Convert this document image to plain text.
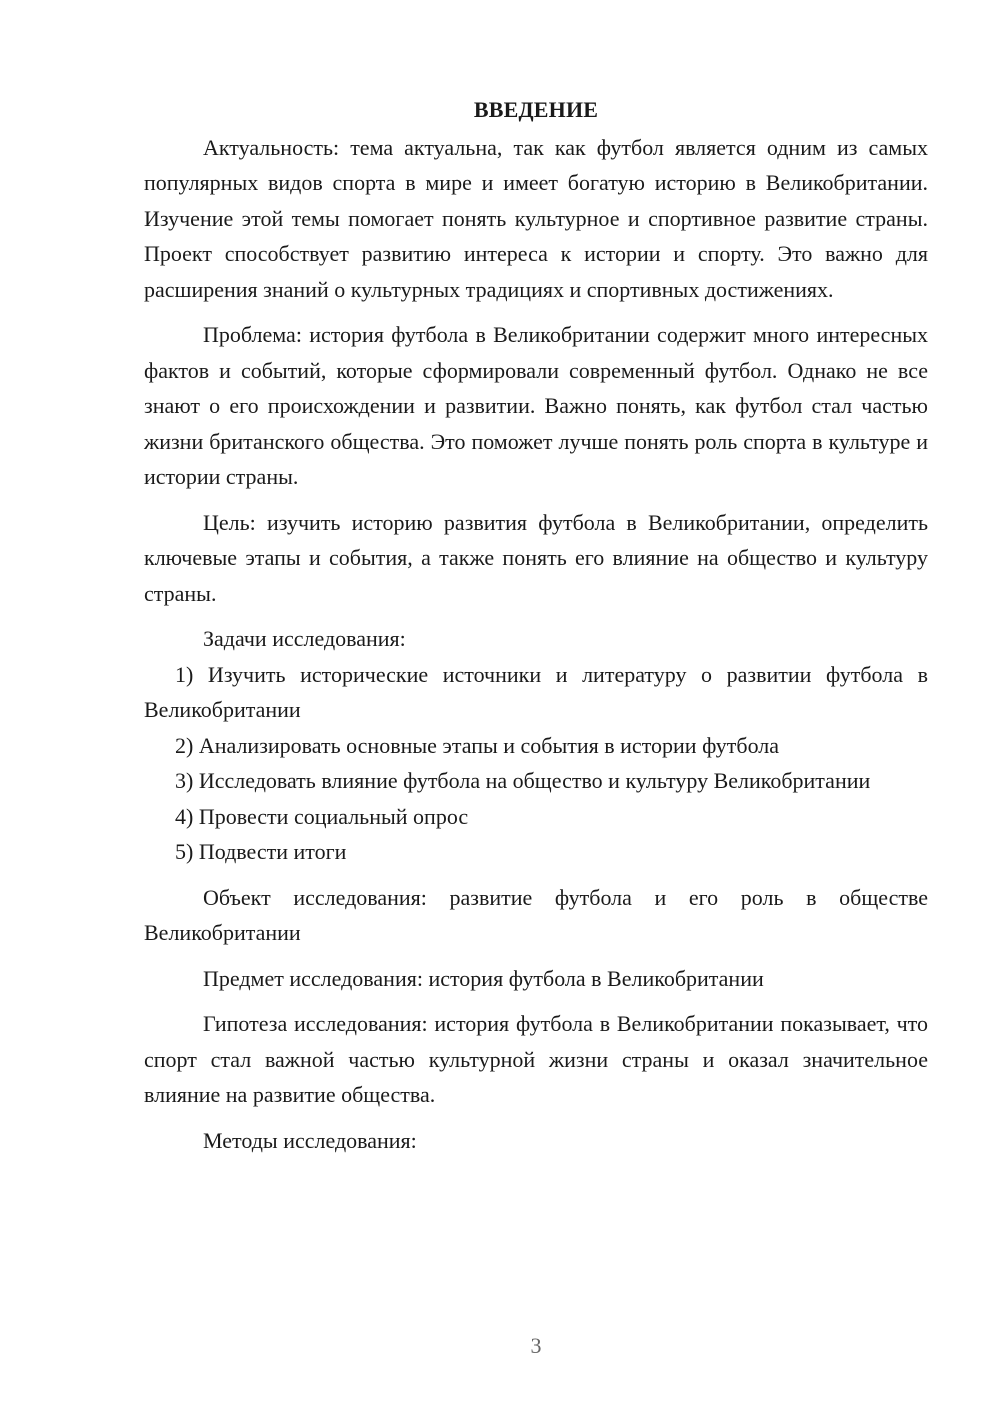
ВВЕДЕНИЕ

Актуальность: тема актуальна, так как футбол является одним из самых популярных видов спорта в мире и имеет богатую историю в Великобритании. Изучение этой темы помогает понять культурное и спортивное развитие страны. Проект способствует развитию интереса к истории и спорту. Это важно для расширения знаний о культурных традициях и спортивных достижениях.

Проблема: история футбола в Великобритании содержит много интересных фактов и событий, которые сформировали современный футбол. Однако не все знают о его происхождении и развитии. Важно понять, как футбол стал частью жизни британского общества. Это поможет лучше понять роль спорта в культуре и истории страны.

Цель: изучить историю развития футбола в Великобритании, определить ключевые этапы и события, а также понять его влияние на общество и культуру страны.

Задачи исследования:

1) Изучить исторические источники и литературу о развитии футбола в Великобритании

2) Анализировать основные этапы и события в истории футбола

3) Исследовать влияние футбола на общество и культуру Великобритании

4) Провести социальный опрос

5) Подвести итоги

Объект исследования: развитие футбола и его роль в обществе Великобритании

Предмет исследования: история футбола в Великобритании

Гипотеза исследования: история футбола в Великобритании показывает, что спорт стал важной частью культурной жизни страны и оказал значительное влияние на развитие общества.

Методы исследования:

3
